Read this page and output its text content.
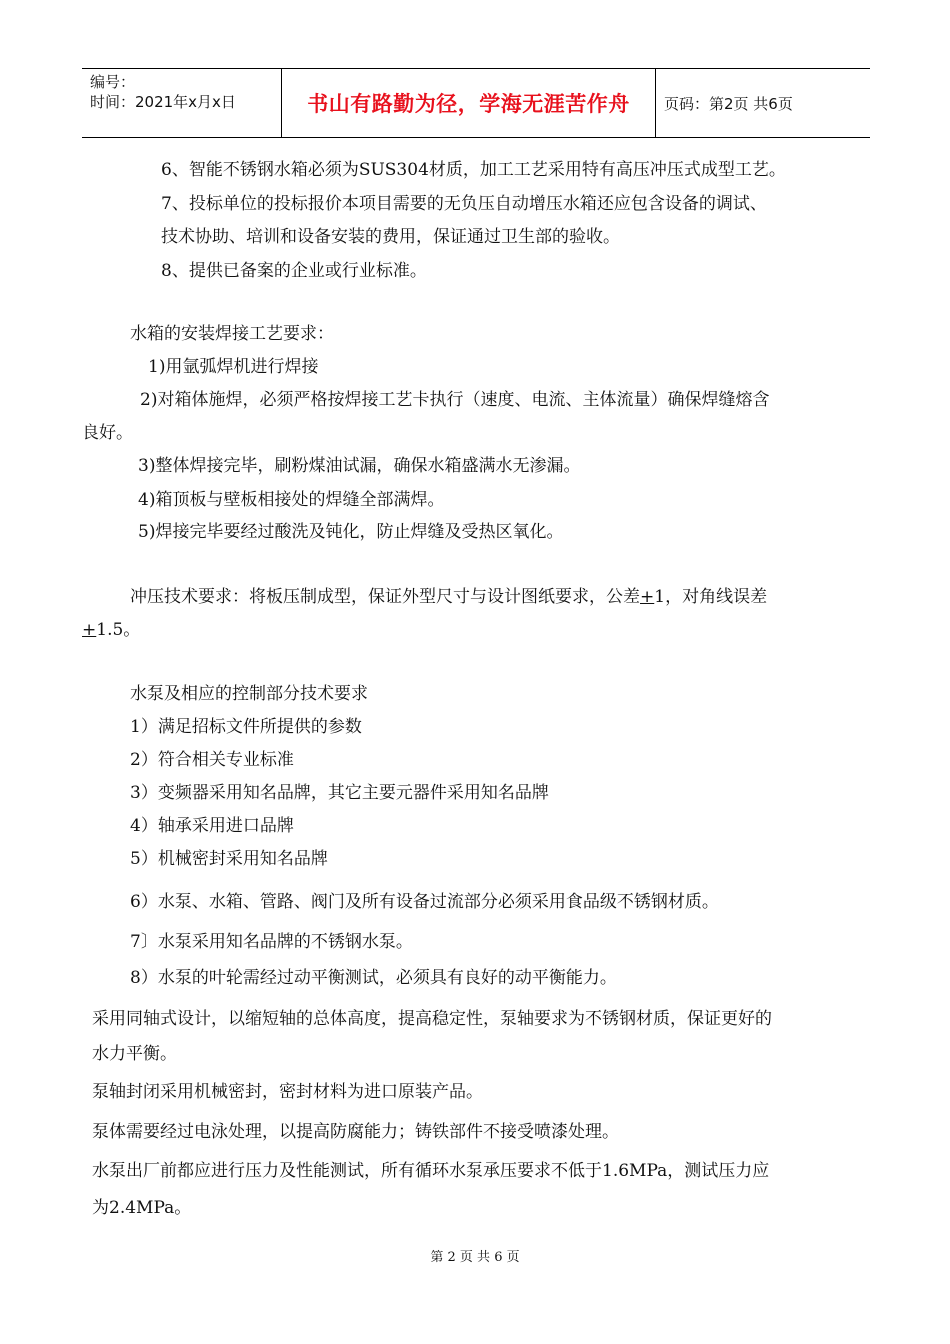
编号：
时间：2021年x月x日	书山有路勤为径，学海无涯苦作舟	页码：第2页 共6页
6、智能不锈钢水箱必须为SUS304材质，加工工艺采用特有高压冲压式成型工艺。
7、投标单位的投标报价本项目需要的无负压自动增压水箱还应包含设备的调试、
技术协助、培训和设备安装的费用，保证通过卫生部的验收。
8、提供已备案的企业或行业标准。
水箱的安装焊接工艺要求：
1)用氩弧焊机进行焊接
2)对箱体施焊，必须严格按焊接工艺卡执行（速度、电流、主体流量）确保焊缝熔含
良好。
3)整体焊接完毕，刷粉煤油试漏，确保水箱盛满水无渗漏。
4)箱顶板与壁板相接处的焊缝全部满焊。
5)焊接完毕要经过酸洗及钝化，防止焊缝及受热区氧化。
冲压技术要求：将板压制成型，保证外型尺寸与设计图纸要求，公差+1，对角线误差
+1.5。
水泵及相应的控制部分技术要求
1）满足招标文件所提供的参数
2）符合相关专业标准
3）变频器采用知名品牌，其它主要元器件采用知名品牌
4）轴承采用进口品牌
5）机械密封采用知名品牌
6）水泵、水箱、管路、阀门及所有设备过流部分必须采用食品级不锈钢材质。
7〕水泵采用知名品牌的不锈钢水泵。
8）水泵的叶轮需经过动平衡测试，必须具有良好的动平衡能力。
采用同轴式设计，以缩短轴的总体高度，提高稳定性，泵轴要求为不锈钢材质，保证更好的
水力平衡。
泵轴封闭采用机械密封，密封材料为进口原装产品。
泵体需要经过电泳处理，以提高防腐能力；铸铁部件不接受喷漆处理。
水泵出厂前都应进行压力及性能测试，所有循环水泵承压要求不低于1.6MPa，测试压力应
为2.4MPa。
第 2 页 共 6 页
